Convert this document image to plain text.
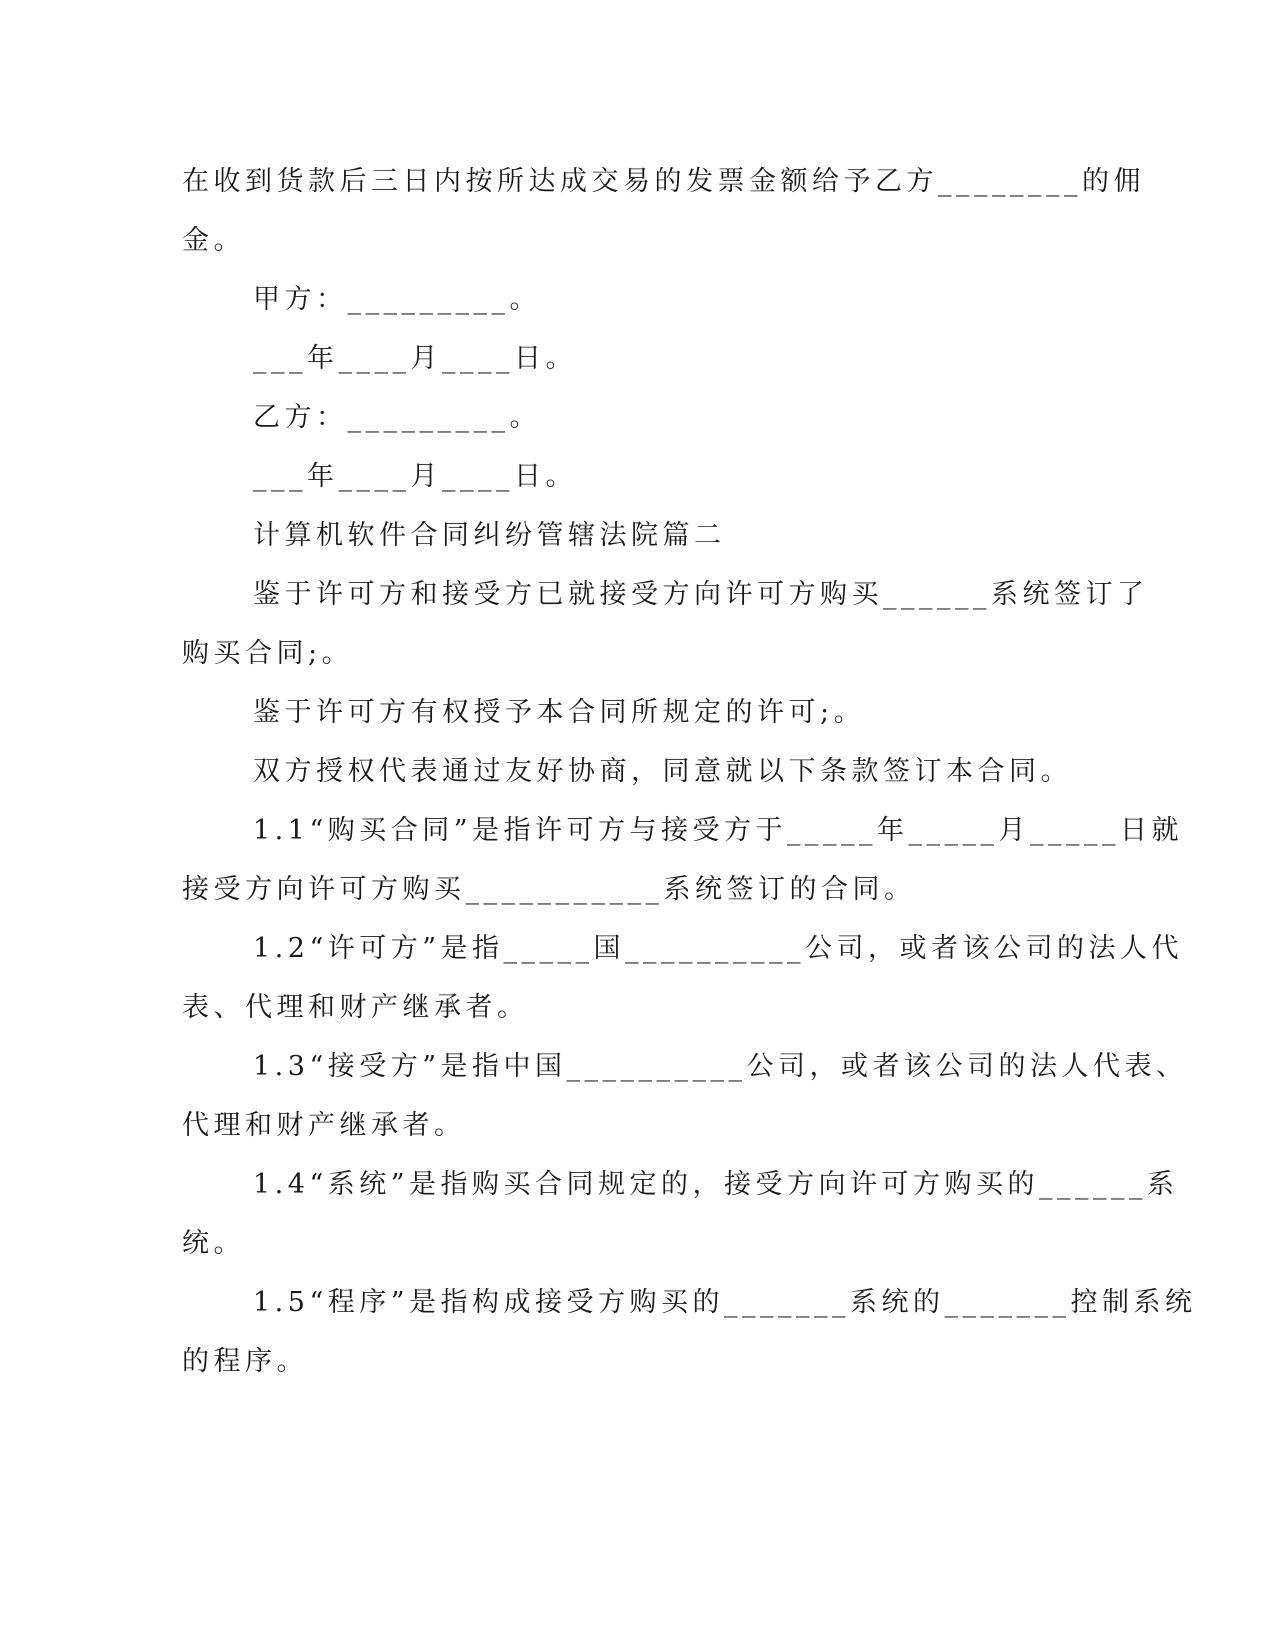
在收到货款后三日内按所达成交易的发票金额给予乙方________的佣
金。
甲方：_________。
___年____月____日。
乙方：_________。
___年____月____日。
计算机软件合同纠纷管辖法院篇二
鉴于许可方和接受方已就接受方向许可方购买______系统签订了
购买合同;。
鉴于许可方有权授予本合同所规定的许可;。
双方授权代表通过友好协商，同意就以下条款签订本合同。
1.1“购买合同”是指许可方与接受方于_____年_____月_____日就
接受方向许可方购买___________系统签订的合同。
1.2“许可方”是指_____国__________公司，或者该公司的法人代
表、代理和财产继承者。
1.3“接受方”是指中国__________公司，或者该公司的法人代表、
代理和财产继承者。
1.4“系统”是指购买合同规定的，接受方向许可方购买的______系
统。
1.5“程序”是指构成接受方购买的_______系统的_______控制系统
的程序。
